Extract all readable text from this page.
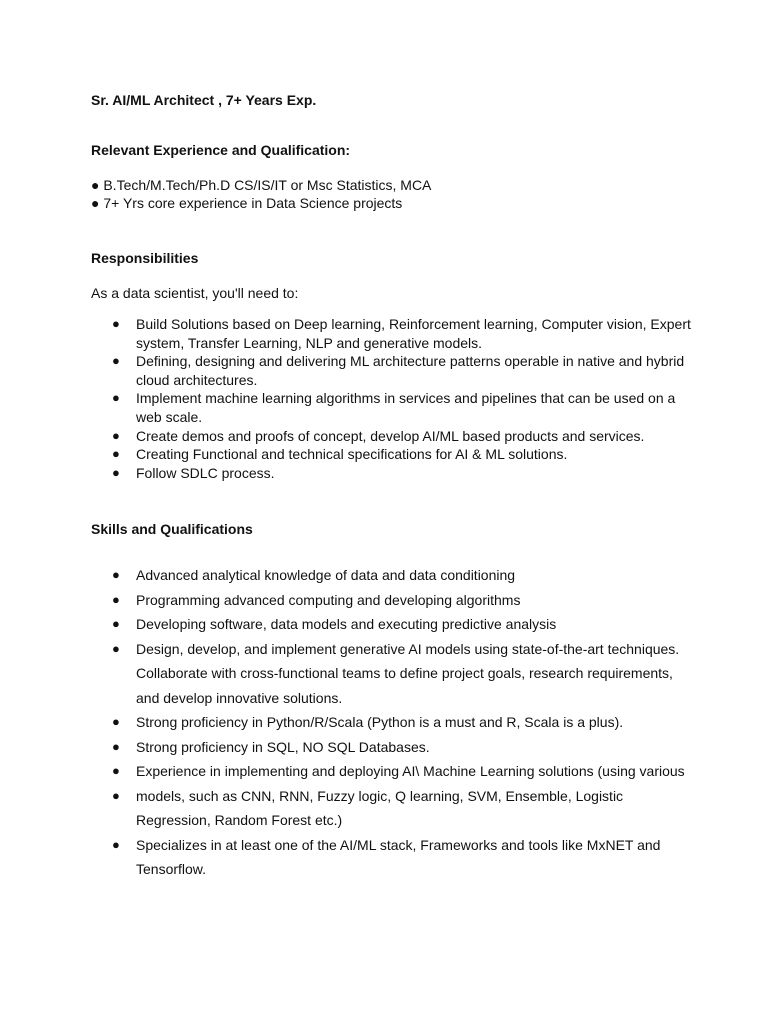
Sr. AI/ML Architect , 7+ Years Exp.

Relevant Experience and Qualification:

● B.Tech/M.Tech/Ph.D CS/IS/IT or Msc Statistics, MCA

● 7+ Yrs core experience in Data Science projects

Responsibilities

As a data scientist, you'll need to:

● Build Solutions based on Deep learning, Reinforcement learning, Computer vision, Expert system, Transfer Learning, NLP and generative models.
● Defining, designing and delivering ML architecture patterns operable in native and hybrid cloud architectures.
● Implement machine learning algorithms in services and pipelines that can be used on a web scale.
● Create demos and proofs of concept, develop AI/ML based products and services.
● Creating Functional and technical specifications for AI & ML solutions.
● Follow SDLC process.

Skills and Qualifications

● Advanced analytical knowledge of data and data conditioning
● Programming advanced computing and developing algorithms
● Developing software, data models and executing predictive analysis
● Design, develop, and implement generative AI models using state-of-the-art techniques. Collaborate with cross-functional teams to define project goals, research requirements, and develop innovative solutions.
● Strong proficiency in Python/R/Scala (Python is a must and R, Scala is a plus).
● Strong proficiency in SQL, NO SQL Databases.
● Experience in implementing and deploying AI\ Machine Learning solutions (using various
● models, such as CNN, RNN, Fuzzy logic, Q learning, SVM, Ensemble, Logistic Regression, Random Forest etc.)
● Specializes in at least one of the AI/ML stack, Frameworks and tools like MxNET and Tensorflow.
